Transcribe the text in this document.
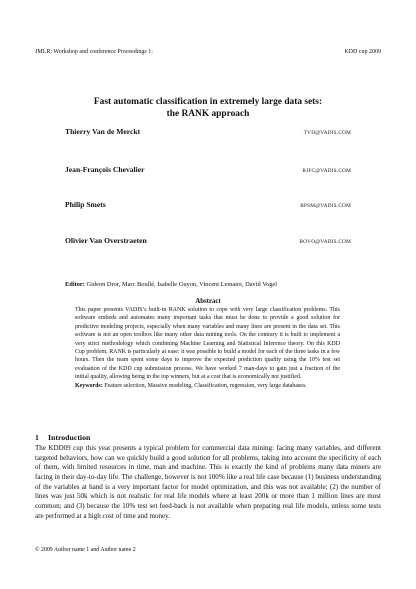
JMLR: Workshop and conference Proceedings 1:	KDD cup 2009
Fast automatic classification in extremely large data sets:
the RANK approach
Thierry Van de Merckt	TVD@VADIS.COM
Jean-François Chevalier	RJFC@VADIS.COM
Philip Smets	BPSM@VADIS.COM
Olivier Van Overstraeten	BOVO@VADIS.COM
Editor: Gideon Dror, Marc Boullé, Isabelle Guyon, Vincent Lemaire, David Vogel
Abstract
This paper presents VADIS’s built-in RANK solution to cope with very large classification problems. This software embeds and automates many important tasks that must be done to provide a good solution for predictive modeling projects, especially when many variables and many lines are present in the data set. This software is not an open toolbox like many other data mining tools. On the contrary it is built to implement a very strict methodology which combining Machine Learning and Statistical Inference theory. On this KDD Cup problem, RANK is particularly at ease: it was possible to build a model for each of the three tasks in a few hours. Then the team spent some days to improve the expected prediction quality using the 10% test set evaluation of the KDD cup submission process. We have worked 7 man-days to gain just a fraction of the initial quality, allowing being in the top winners, but at a cost that is economically not justified.
Keywords: Feature selection, Massive modeling, Classification, regression, very large databases.
1 Introduction
The KDD09 cup this year presents a typical problem for commercial data mining: facing many variables, and different targeted behaviors, how can we quickly build a good solution for all problems, taking into account the specificity of each of them, with limited resources in time, man and machine. This is exactly the kind of problems many data miners are facing in their day-to-day life. The challenge, however is not 100% like a real life case because (1) business understanding of the variables at hand is a very important factor for model optimization, and this was not available; (2) the number of lines was just 50k which is not realistic for real life models where at least 200k or more than 1 million lines are most common; and (3) because the 10% test set feed-back is not available when preparing real life models, unless some tests are performed at a high cost of time and money.
© 2009 Author name 1 and Author name 2
